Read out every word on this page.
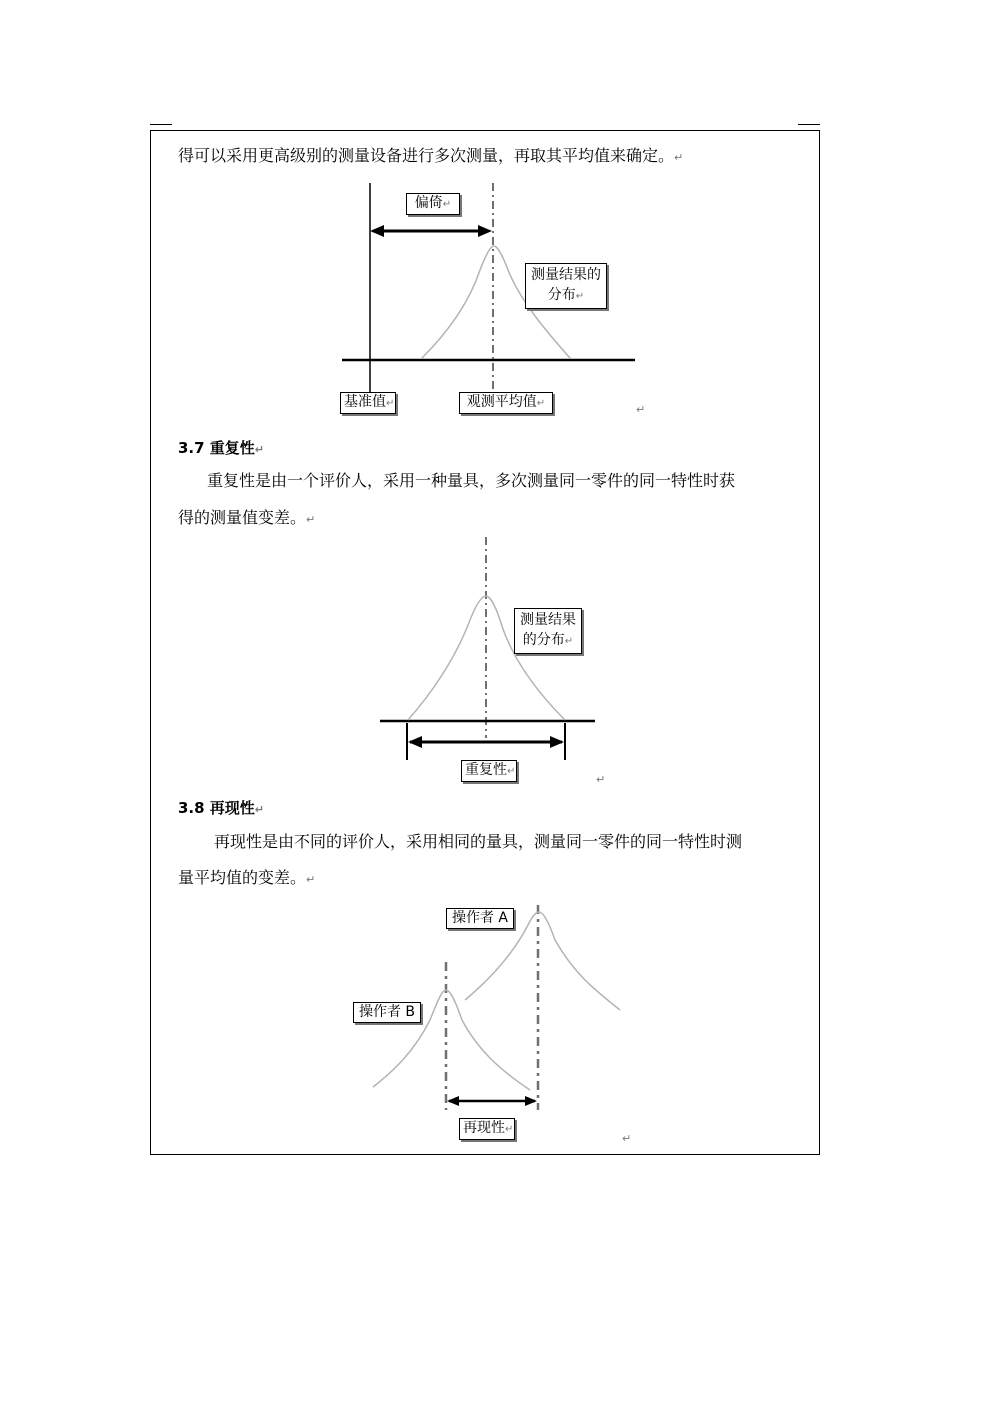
得可以采用更高级别的测量设备进行多次测量，再取其平均值来确定。↵
偏倚↵
测量结果的
分布↵
基准值↵	观测平均值↵	↵
3.7 重复性↵
重复性是由一个评价人，采用一种量具，多次测量同一零件的同一特性时获
得的测量值变差。↵
测量结果
的分布↵
重复性↵
↵
3.8 再现性↵
再现性是由不同的评价人，采用相同的量具，测量同一零件的同一特性时测
量平均值的变差。↵
操作者 A
操作者 B
再现性↵
↵
